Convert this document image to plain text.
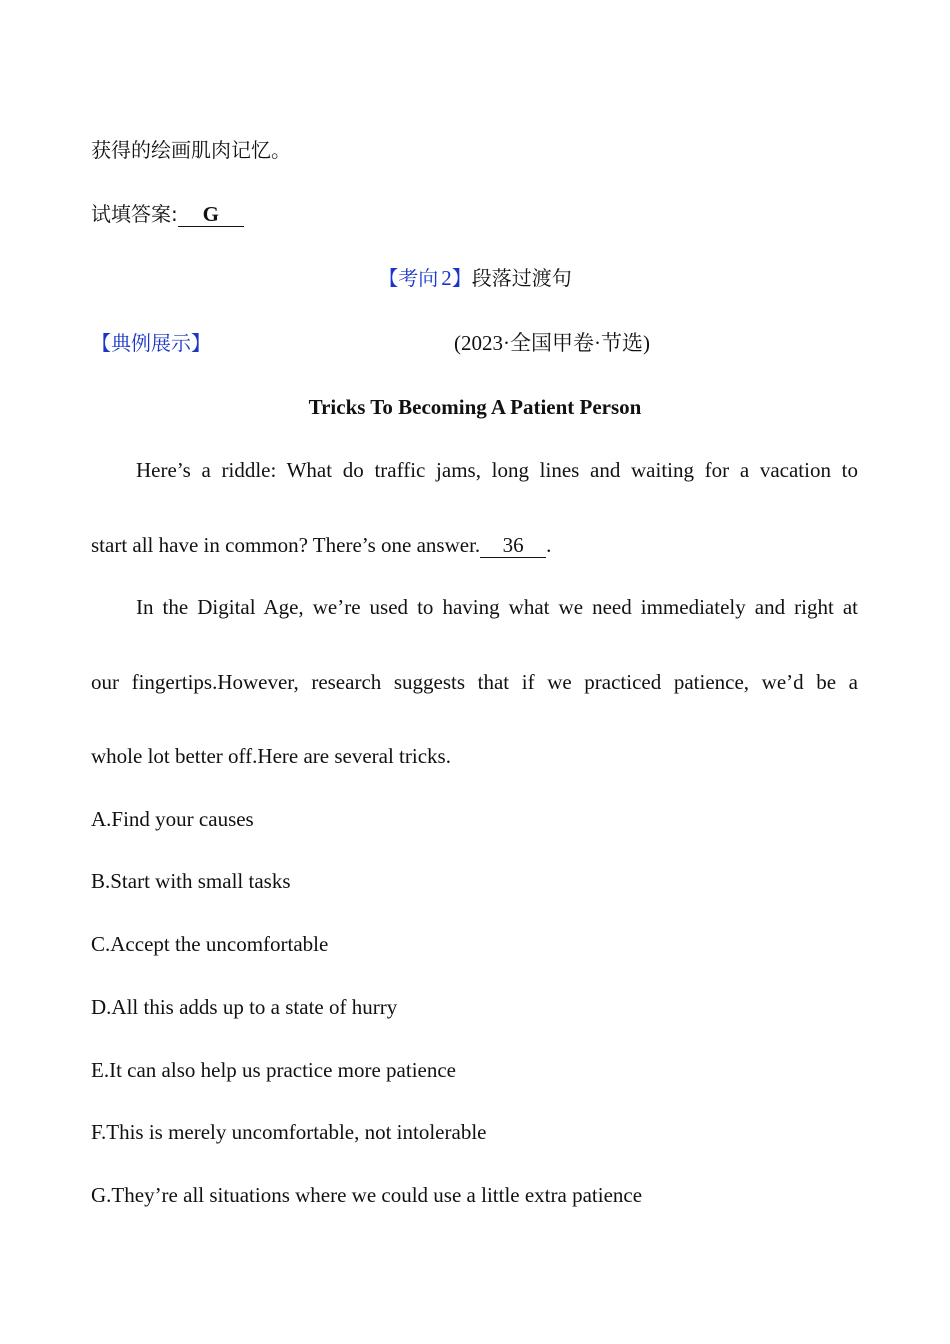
获得的绘画肌肉记忆。
试填答案: G
【考向 2】段落过渡句
【典例展示】	(2023·全国甲卷·节选)
Tricks To Becoming A Patient Person
Here’s a riddle: What do traffic jams, long lines and waiting for a vacation to
start all have in common? There’s one answer. 36 .
In the Digital Age, we’re used to having what we need immediately and right at
our fingertips.However, research suggests that if we practiced patience, we’d be a
whole lot better off.Here are several tricks.
A.Find your causes
B.Start with small tasks
C.Accept the uncomfortable
D.All this adds up to a state of hurry
E.It can also help us practice more patience
F.This is merely uncomfortable, not intolerable
G.They’re all situations where we could use a little extra patience
